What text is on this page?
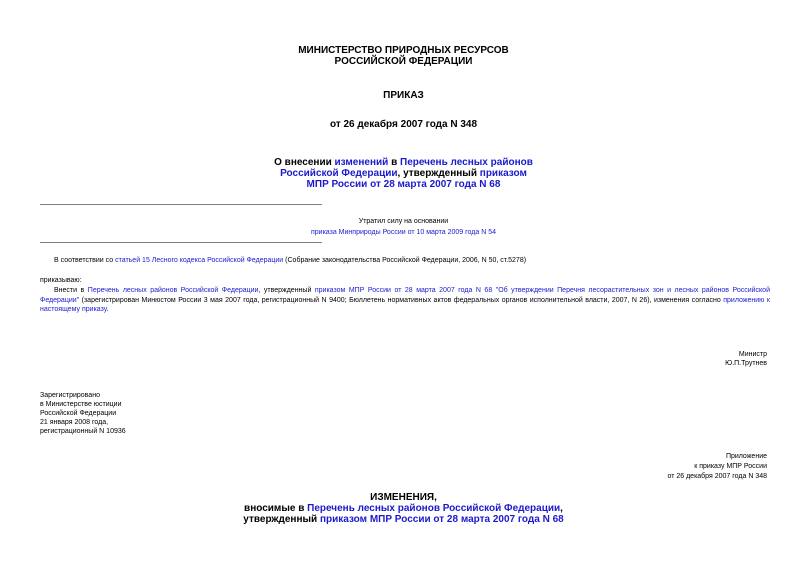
МИНИСТЕРСТВО ПРИРОДНЫХ РЕСУРСОВ
РОССИЙСКОЙ ФЕДЕРАЦИИ
ПРИКАЗ
от 26 декабря 2007 года N 348
О внесении изменений в Перечень лесных районов
Российской Федерации, утвержденный приказом
МПР России от 28 марта 2007 года N 68
Утратил силу на основании
приказа Минприроды России от 10 марта 2009 года N 54
В соответствии со статьей 15 Лесного кодекса Российской Федерации (Собрание законодательства Российской Федерации, 2006, N 50, ст.5278)
приказываю:
Внести в Перечень лесных районов Российской Федерации, утвержденный приказом МПР России от 28 марта 2007 года N 68 "Об утверждении Перечня лесорастительных зон и лесных районов Российской Федерации" (зарегистрирован Минюстом России 3 мая 2007 года, регистрационный N 9400; Бюллетень нормативных актов федеральных органов исполнительной власти, 2007, N 26), изменения согласно приложению к настоящему приказу.
Министр
Ю.П.Трутнев
Зарегистрировано
в Министерстве юстиции
Российской Федерации
21 января 2008 года,
регистрационный N 10936
Приложение
к приказу МПР России
от 26 декабря 2007 года N 348
ИЗМЕНЕНИЯ,
вносимые в Перечень лесных районов Российской Федерации,
утвержденный приказом МПР России от 28 марта 2007 года N 68
